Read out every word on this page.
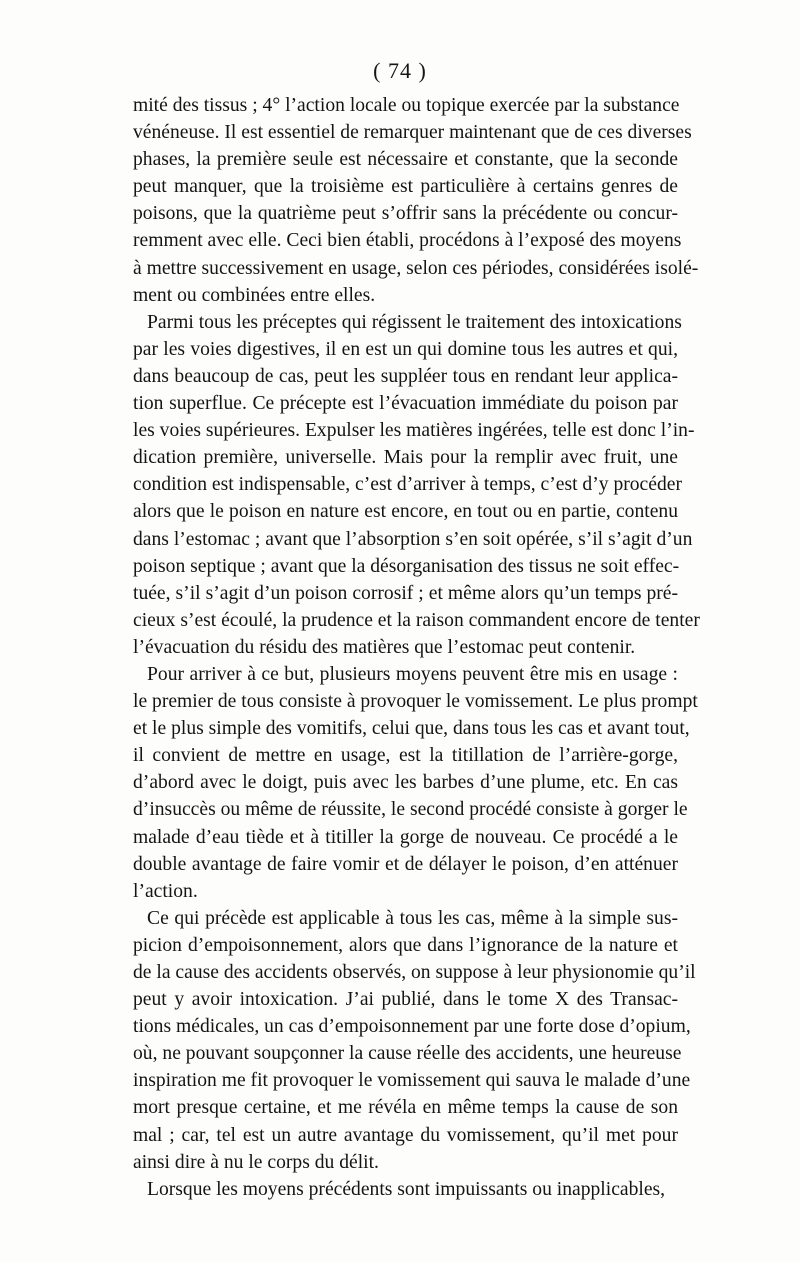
( 74 )
mité des tissus ; 4° l’action locale ou topique exercée par la substance
vénéneuse. Il est essentiel de remarquer maintenant que de ces diverses
phases, la première seule est nécessaire et constante, que la seconde
peut manquer, que la troisième est particulière à certains genres de
poisons, que la quatrième peut s’offrir sans la précédente ou concur-
remment avec elle. Ceci bien établi, procédons à l’exposé des moyens
à mettre successivement en usage, selon ces périodes, considérées isolé-
ment ou combinées entre elles.
Parmi tous les préceptes qui régissent le traitement des intoxications
par les voies digestives, il en est un qui domine tous les autres et qui,
dans beaucoup de cas, peut les suppléer tous en rendant leur applica-
tion superflue. Ce précepte est l’évacuation immédiate du poison par
les voies supérieures. Expulser les matières ingérées, telle est donc l’in-
dication première, universelle. Mais pour la remplir avec fruit, une
condition est indispensable, c’est d’arriver à temps, c’est d’y procéder
alors que le poison en nature est encore, en tout ou en partie, contenu
dans l’estomac ; avant que l’absorption s’en soit opérée, s’il s’agit d’un
poison septique ; avant que la désorganisation des tissus ne soit effec-
tuée, s’il s’agit d’un poison corrosif ; et même alors qu’un temps pré-
cieux s’est écoulé, la prudence et la raison commandent encore de tenter
l’évacuation du résidu des matières que l’estomac peut contenir.
Pour arriver à ce but, plusieurs moyens peuvent être mis en usage :
le premier de tous consiste à provoquer le vomissement. Le plus prompt
et le plus simple des vomitifs, celui que, dans tous les cas et avant tout,
il convient de mettre en usage, est la titillation de l’arrière-gorge,
d’abord avec le doigt, puis avec les barbes d’une plume, etc. En cas
d’insuccès ou même de réussite, le second procédé consiste à gorger le
malade d’eau tiède et à titiller la gorge de nouveau. Ce procédé a le
double avantage de faire vomir et de délayer le poison, d’en atténuer
l’action.
Ce qui précède est applicable à tous les cas, même à la simple sus-
picion d’empoisonnement, alors que dans l’ignorance de la nature et
de la cause des accidents observés, on suppose à leur physionomie qu’il
peut y avoir intoxication. J’ai publié, dans le tome X des Transac-
tions médicales, un cas d’empoisonnement par une forte dose d’opium,
où, ne pouvant soupçonner la cause réelle des accidents, une heureuse
inspiration me fit provoquer le vomissement qui sauva le malade d’une
mort presque certaine, et me révéla en même temps la cause de son
mal ; car, tel est un autre avantage du vomissement, qu’il met pour
ainsi dire à nu le corps du délit.
Lorsque les moyens précédents sont impuissants ou inapplicables,
